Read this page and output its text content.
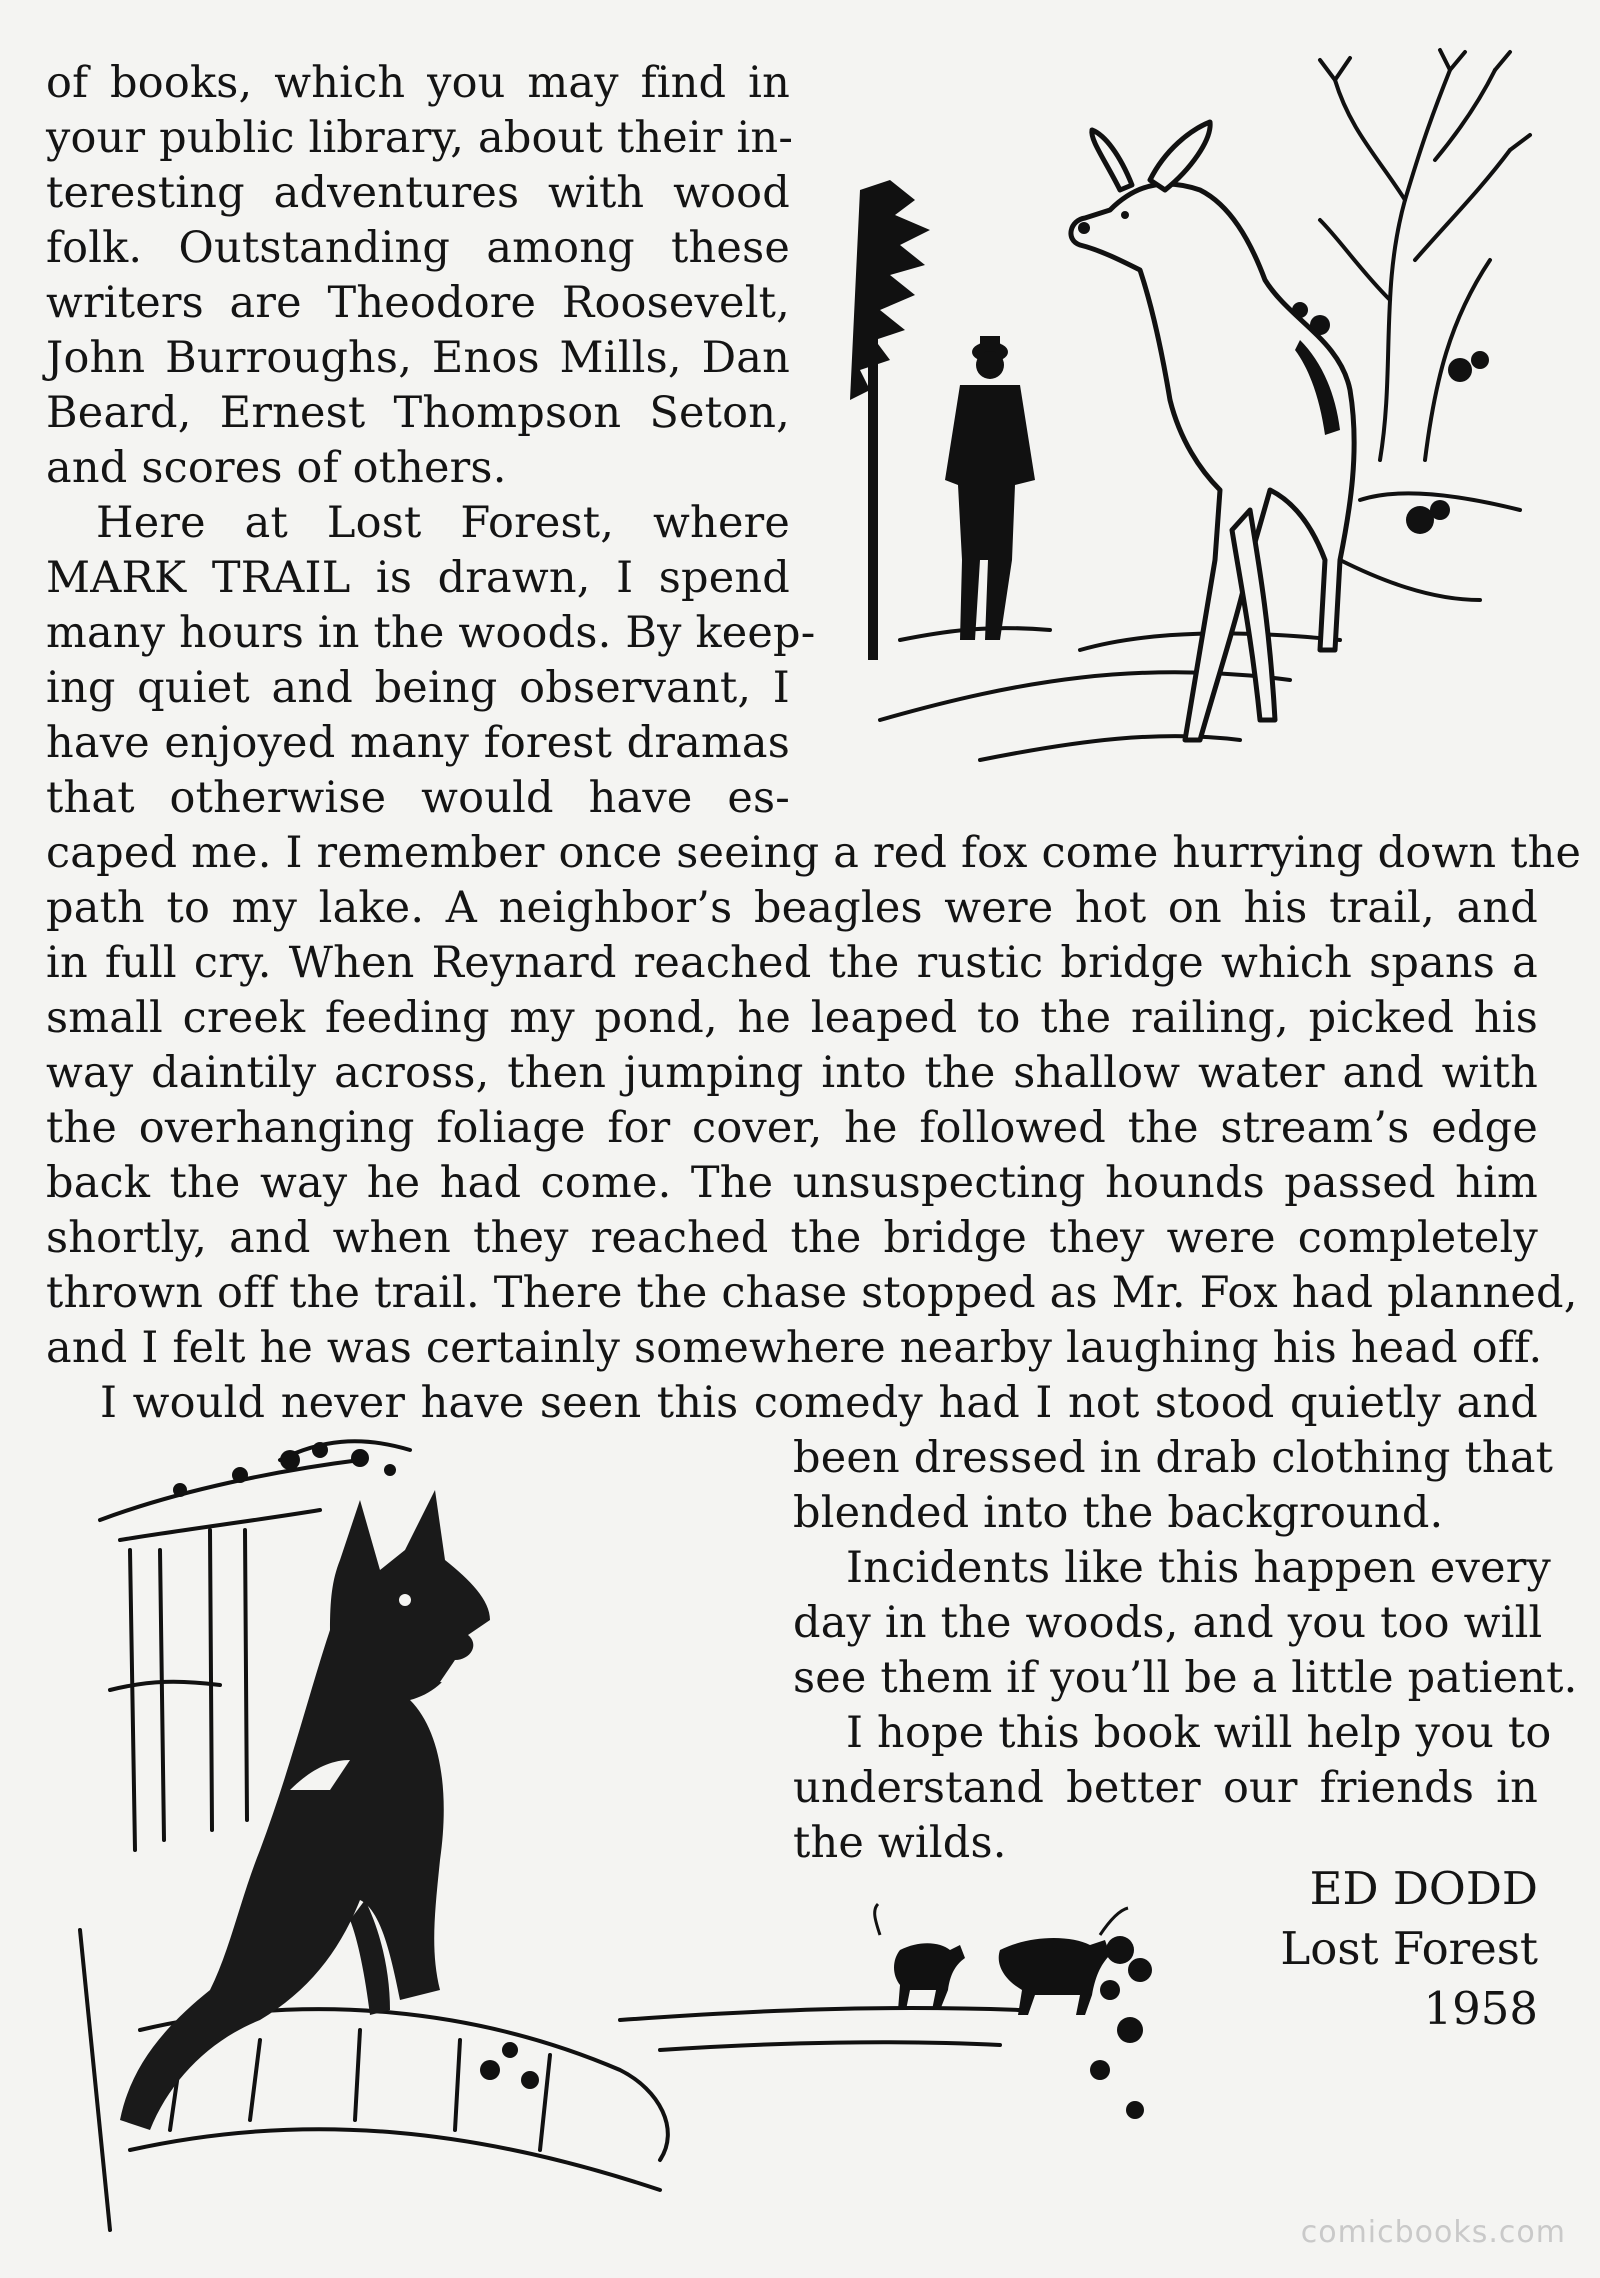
of books, which you may find in
your public library, about their in-
teresting adventures with wood
folk. Outstanding among these
writers are Theodore Roosevelt,
John Burroughs, Enos Mills, Dan
Beard, Ernest Thompson Seton,
and scores of others.
Here at Lost Forest, where
MARK TRAIL is drawn, I spend
many hours in the woods. By keep-
ing quiet and being observant, I
have enjoyed many forest dramas
that otherwise would have es-
caped me. I remember once seeing a red fox come hurrying down the
path to my lake. A neighbor’s beagles were hot on his trail, and
in full cry. When Reynard reached the rustic bridge which spans a
small creek feeding my pond, he leaped to the railing, picked his
way daintily across, then jumping into the shallow water and with
the overhanging foliage for cover, he followed the stream’s edge
back the way he had come. The unsuspecting hounds passed him
shortly, and when they reached the bridge they were completely
thrown off the trail. There the chase stopped as Mr. Fox had planned,
and I felt he was certainly somewhere nearby laughing his head off.
I would never have seen this comedy had I not stood quietly and
been dressed in drab clothing that
blended into the background.
Incidents like this happen every
day in the woods, and you too will
see them if you’ll be a little patient.
I hope this book will help you to
understand better our friends in
the wilds.
ED DODD
Lost Forest
1958
comicbooks.com
